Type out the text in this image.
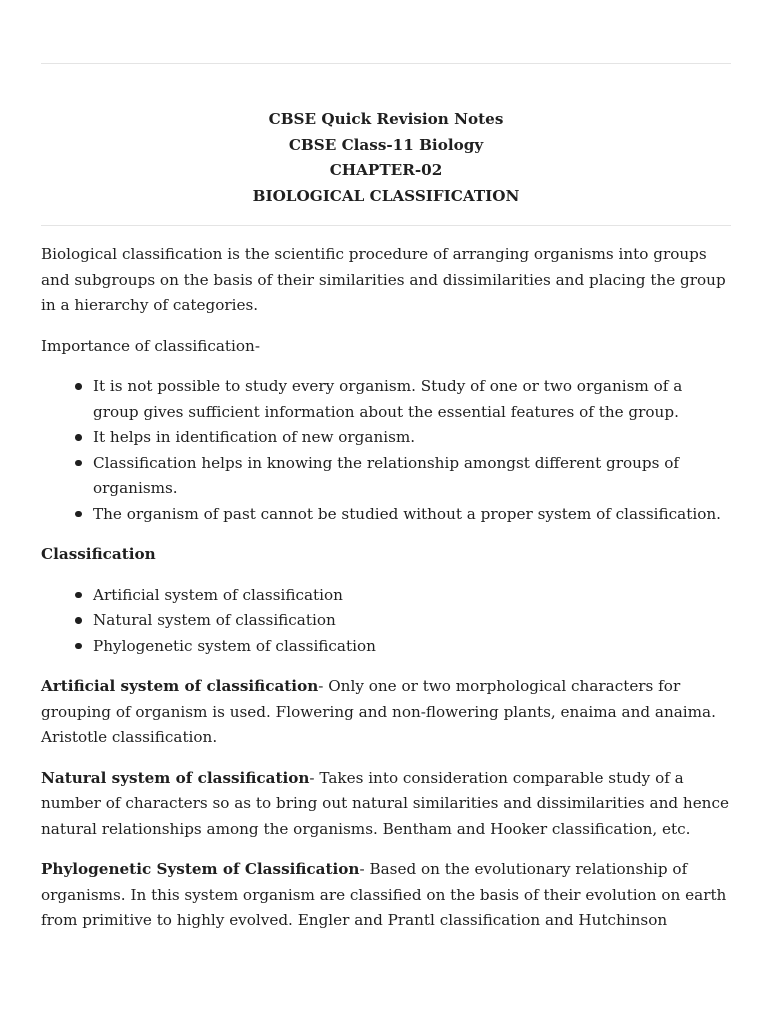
CBSE Quick Revision Notes
CBSE Class-11 Biology
CHAPTER-02
BIOLOGICAL CLASSIFICATION

Biological classification is the scientific procedure of arranging organisms into groups and subgroups on the basis of their similarities and dissimilarities and placing the group in a hierarchy of categories.

Importance of classification-

It is not possible to study every organism. Study of one or two organism of a group gives sufficient information about the essential features of the group.
It helps in identification of new organism.
Classification helps in knowing the relationship amongst different groups of organisms.
The organism of past cannot be studied without a proper system of classification.

Classification

Artificial system of classification
Natural system of classification
Phylogenetic system of classification

Artificial system of classification- Only one or two morphological characters for grouping of organism is used. Flowering and non-flowering plants, enaima and anaima. Aristotle classification.

Natural system of classification- Takes into consideration comparable study of a number of characters so as to bring out natural similarities and dissimilarities and hence natural relationships among the organisms. Bentham and Hooker classification, etc.

Phylogenetic System of Classification- Based on the evolutionary relationship of organisms. In this system organism are classified on the basis of their evolution on earth from primitive to highly evolved. Engler and Prantl classification and Hutchinson
